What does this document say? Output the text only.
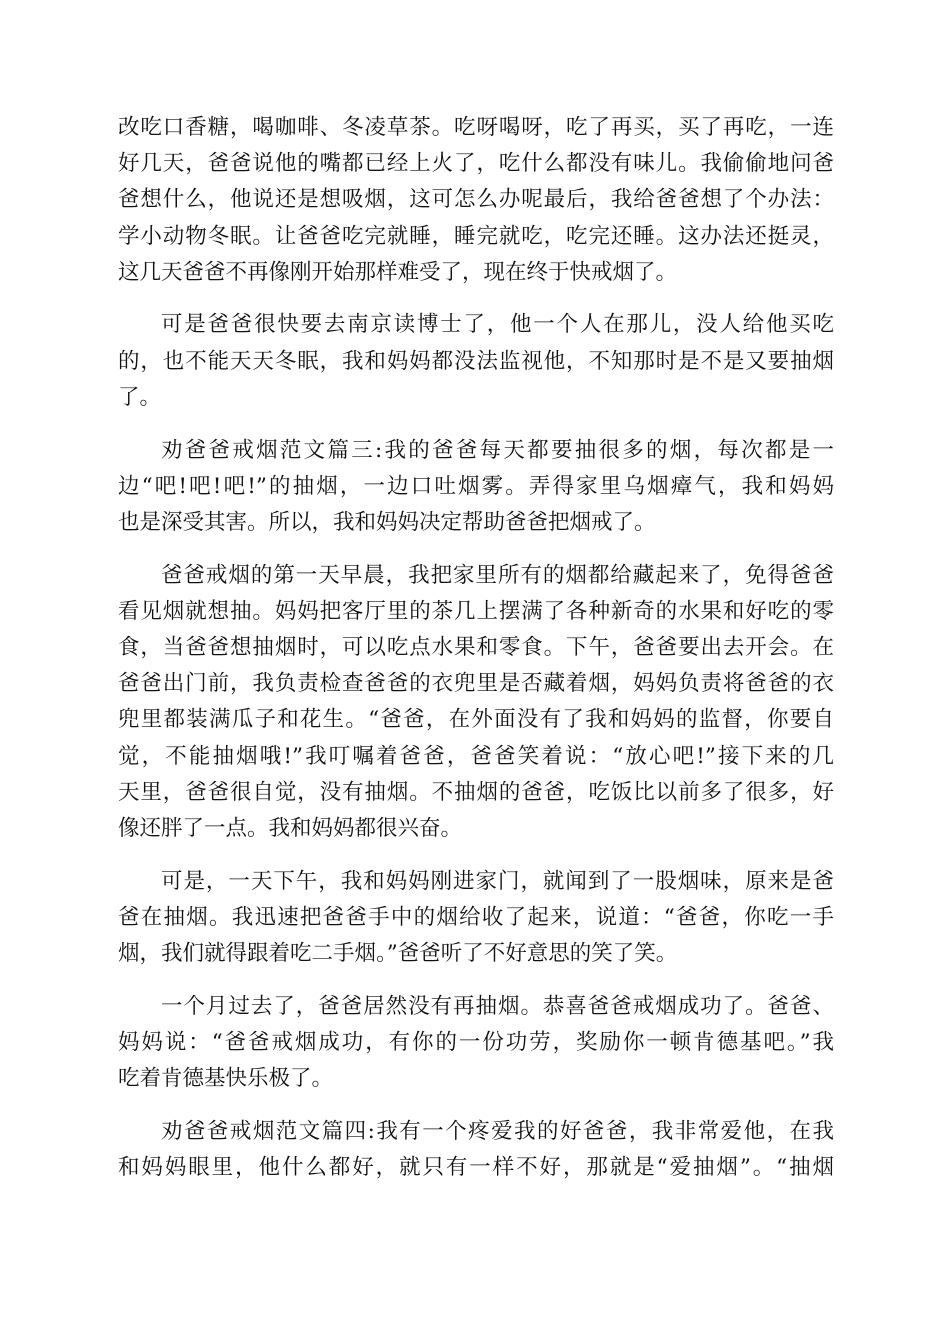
改吃口香糖，喝咖啡、冬凌草茶。吃呀喝呀，吃了再买，买了再吃，一连
好几天，爸爸说他的嘴都已经上火了，吃什么都没有味儿。我偷偷地问爸
爸想什么，他说还是想吸烟，这可怎么办呢最后，我给爸爸想了个办法：
学小动物冬眠。让爸爸吃完就睡，睡完就吃，吃完还睡。这办法还挺灵，
这几天爸爸不再像刚开始那样难受了，现在终于快戒烟了。
可是爸爸很快要去南京读博士了，他一个人在那儿，没人给他买吃
的，也不能天天冬眠，我和妈妈都没法监视他，不知那时是不是又要抽烟
了。
劝爸爸戒烟范文篇三:我的爸爸每天都要抽很多的烟，每次都是一
边“吧!吧!吧!”的抽烟，一边口吐烟雾。弄得家里乌烟瘴气，我和妈妈
也是深受其害。所以，我和妈妈决定帮助爸爸把烟戒了。
爸爸戒烟的第一天早晨，我把家里所有的烟都给藏起来了，免得爸爸
看见烟就想抽。妈妈把客厅里的茶几上摆满了各种新奇的水果和好吃的零
食，当爸爸想抽烟时，可以吃点水果和零食。下午，爸爸要出去开会。在
爸爸出门前，我负责检查爸爸的衣兜里是否藏着烟，妈妈负责将爸爸的衣
兜里都装满瓜子和花生。“爸爸，在外面没有了我和妈妈的监督，你要自
觉，不能抽烟哦!”我叮嘱着爸爸，爸爸笑着说：“放心吧!”接下来的几
天里，爸爸很自觉，没有抽烟。不抽烟的爸爸，吃饭比以前多了很多，好
像还胖了一点。我和妈妈都很兴奋。
可是，一天下午，我和妈妈刚进家门，就闻到了一股烟味，原来是爸
爸在抽烟。我迅速把爸爸手中的烟给收了起来，说道：“爸爸，你吃一手
烟，我们就得跟着吃二手烟。”爸爸听了不好意思的笑了笑。
一个月过去了，爸爸居然没有再抽烟。恭喜爸爸戒烟成功了。爸爸、
妈妈说：“爸爸戒烟成功，有你的一份功劳，奖励你一顿肯德基吧。”我
吃着肯德基快乐极了。
劝爸爸戒烟范文篇四:我有一个疼爱我的好爸爸，我非常爱他，在我
和妈妈眼里，他什么都好，就只有一样不好，那就是“爱抽烟”。“抽烟
